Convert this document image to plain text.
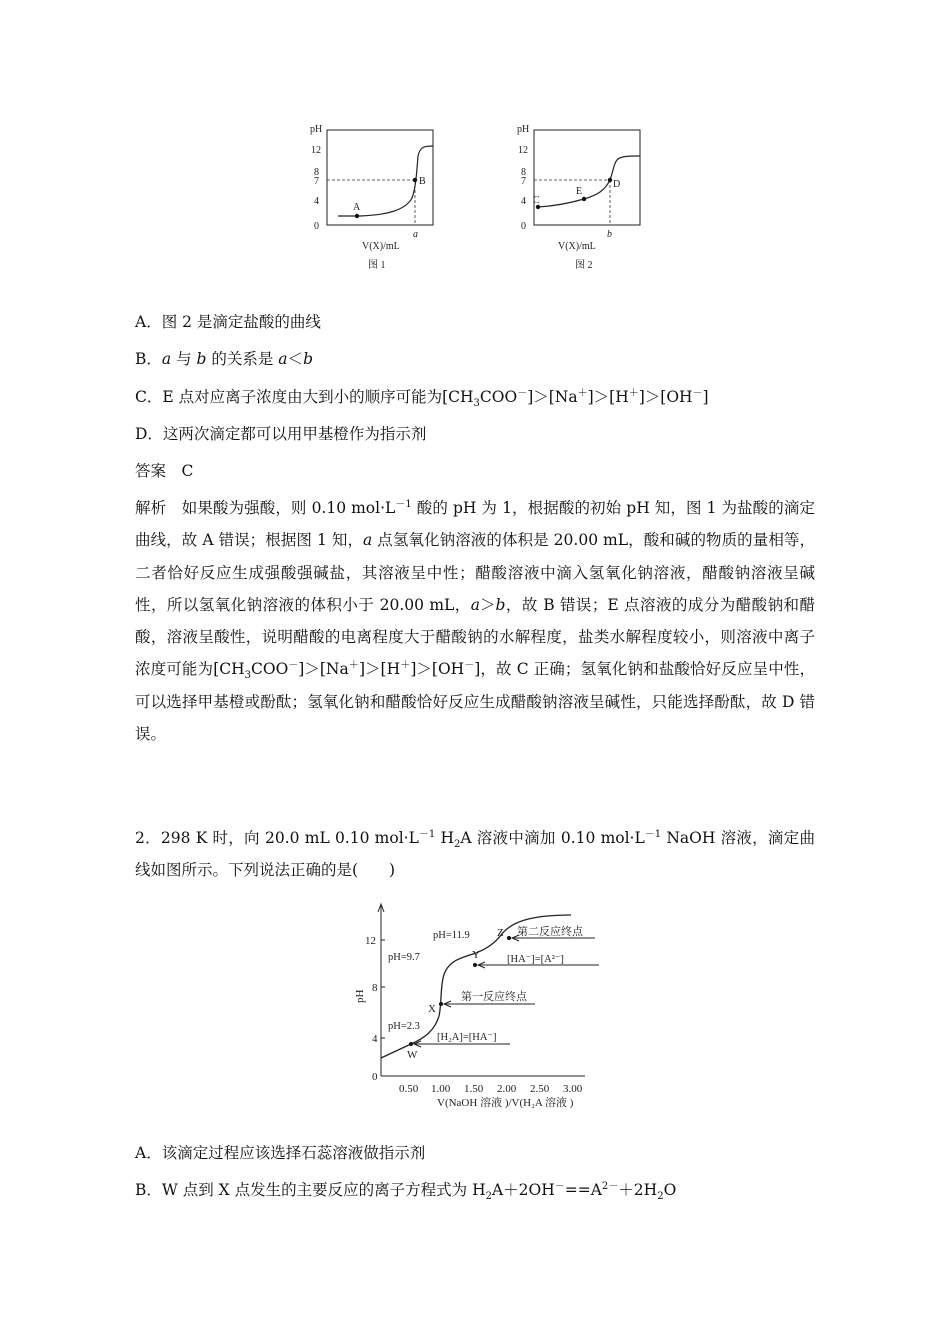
pH
12
8
7
4
0
A
B
a
V(X)/mL
图 1
pH
12
8
7
4
0
C
E
D
b
V(X)/mL
图 2
A．图 2 是滴定盐酸的曲线
B．a 与 b 的关系是 a＜b
C．E 点对应离子浓度由大到小的顺序可能为$[CH_3COO^-]>[Na^+]>[H^+]>[OH^-]$
D．这两次滴定都可以用甲基橙作为指示剂
答案 C
解析 如果酸为强酸，则 0.10 $mol\cdot L^{-1}$ 酸的 pH 为 1，根据酸的初始 pH 知，图 1 为盐酸的滴定曲线，故 A 错误；根据图 1 知，a 点氢氧化钠溶液的体积是 20.00 mL，酸和碱的物质的量相等，二者恰好反应生成强酸强碱盐，其溶液呈中性；醋酸溶液中滴入氢氧化钠溶液，醋酸钠溶液呈碱性，所以氢氧化钠溶液的体积小于 20.00 mL，a＞b，故 B 错误；E 点溶液的成分为醋酸钠和醋酸，溶液呈酸性，说明醋酸的电离程度大于醋酸钠的水解程度，盐类水解程度较小，则溶液中离子浓度可能为$[CH_3COO^-]>[Na^+]>[H^+]>[OH^-]$，故 C 正确；氢氧化钠和盐酸恰好反应呈中性，可以选择甲基橙或酚酞；氢氧化钠和醋酸恰好反应生成醋酸钠溶液呈碱性，只能选择酚酞，故 D 错误。
2．298 K 时，向 20.0 mL 0.10 $mol\cdot L^{-1}$ $H_2A$ 溶液中滴加 0.10 $mol\cdot L^{-1}$ NaOH 溶液，滴定曲线如图所示。下列说法正确的是(　　)
0
4
8
12
pH
0.50 1.00 1.50 2.00 2.50 3.00
V(NaOH 溶液 )/V(H₂A 溶液 )
W
X
Y
Z
pH=2.3
pH=9.7
pH=11.9	第二反应终点
[HA⁻]=[A²⁻]
第一反应终点
[H₂A]=[HA⁻]
A．该滴定过程应该选择石蕊溶液做指示剂
B．W 点到 X 点发生的主要反应的离子方程式为 $H_2A+2OH^-==A^{2-}+2H_2O$
